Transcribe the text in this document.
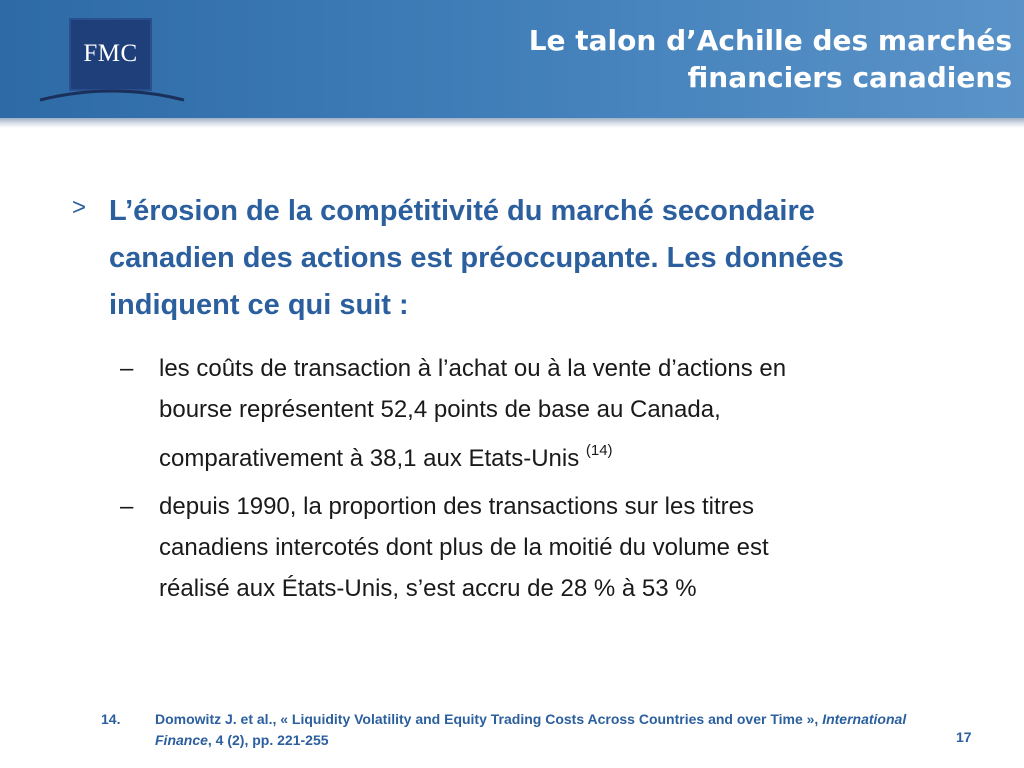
FMC	Le talon d’Achille des marchés
financiers canadiens
> L’érosion de la compétitivité du marché secondaire
canadien des actions est préoccupante. Les données
indiquent ce qui suit :
– les coûts de transaction à l’achat ou à la vente d’actions en
bourse représentent 52,4 points de base au Canada,
comparativement à 38,1 aux Etats-Unis $^{(14)}$
– depuis 1990, la proportion des transactions sur les titres
canadiens intercotés dont plus de la moitié du volume est
réalisé aux États-Unis, s’est accru de 28 % à 53 %
14. Domowitz J. et al., « Liquidity Volatility and Equity Trading Costs Across Countries and over Time », International Finance, 4 (2), pp. 221-255	17
